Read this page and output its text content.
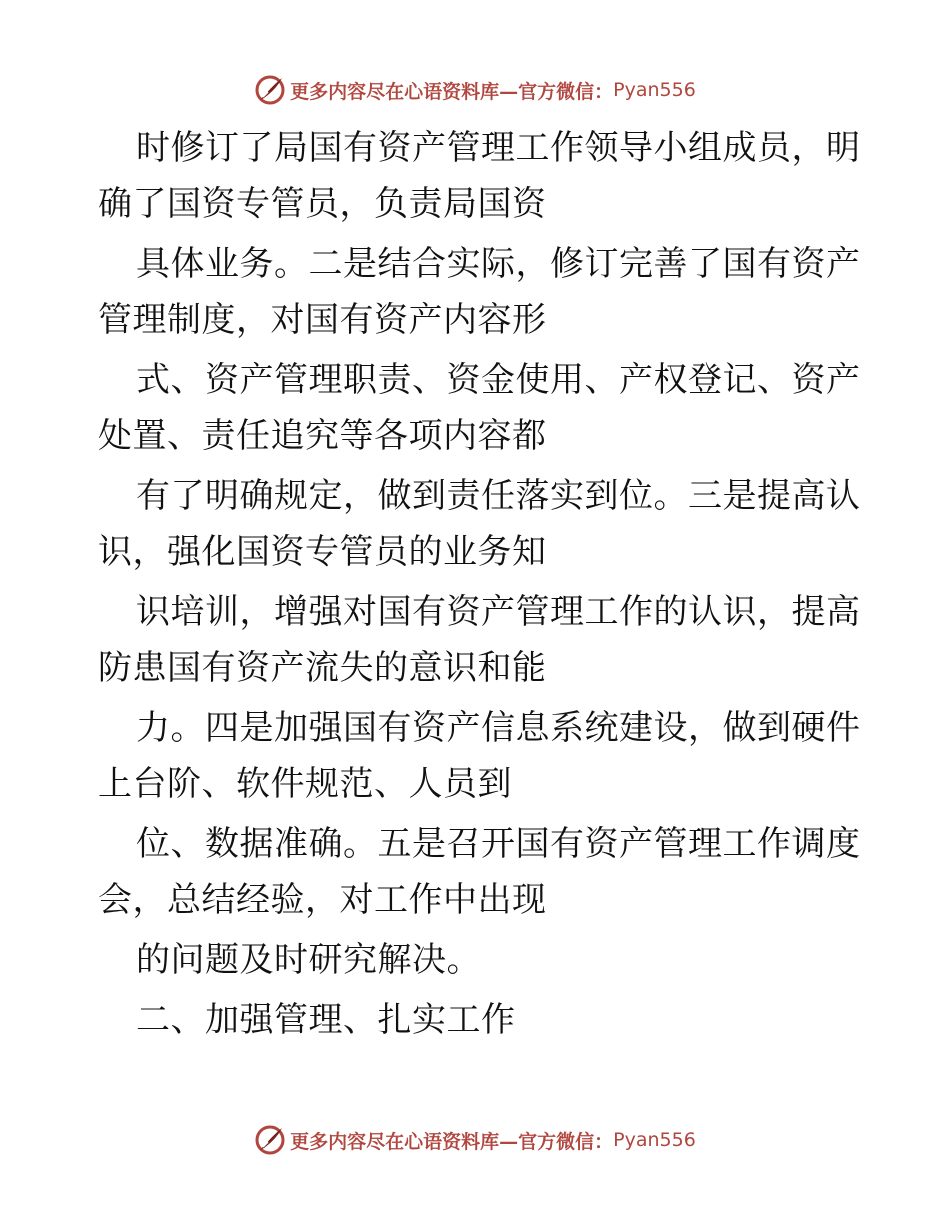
更多内容尽在心语资料库—官方微信： Pyan556
时修订了局国有资产管理工作领导小组成员，明
确了国资专管员，负责局国资
具体业务。二是结合实际，修订完善了国有资产
管理制度，对国有资产内容形
式、资产管理职责、资金使用、产权登记、资产
处置、责任追究等各项内容都
有了明确规定，做到责任落实到位。三是提高认
识，强化国资专管员的业务知
识培训，增强对国有资产管理工作的认识，提高
防患国有资产流失的意识和能
力。四是加强国有资产信息系统建设，做到硬件
上台阶、软件规范、人员到
位、数据准确。五是召开国有资产管理工作调度
会，总结经验，对工作中出现
的问题及时研究解决。
二、加强管理、扎实工作
更多内容尽在心语资料库—官方微信： Pyan556
